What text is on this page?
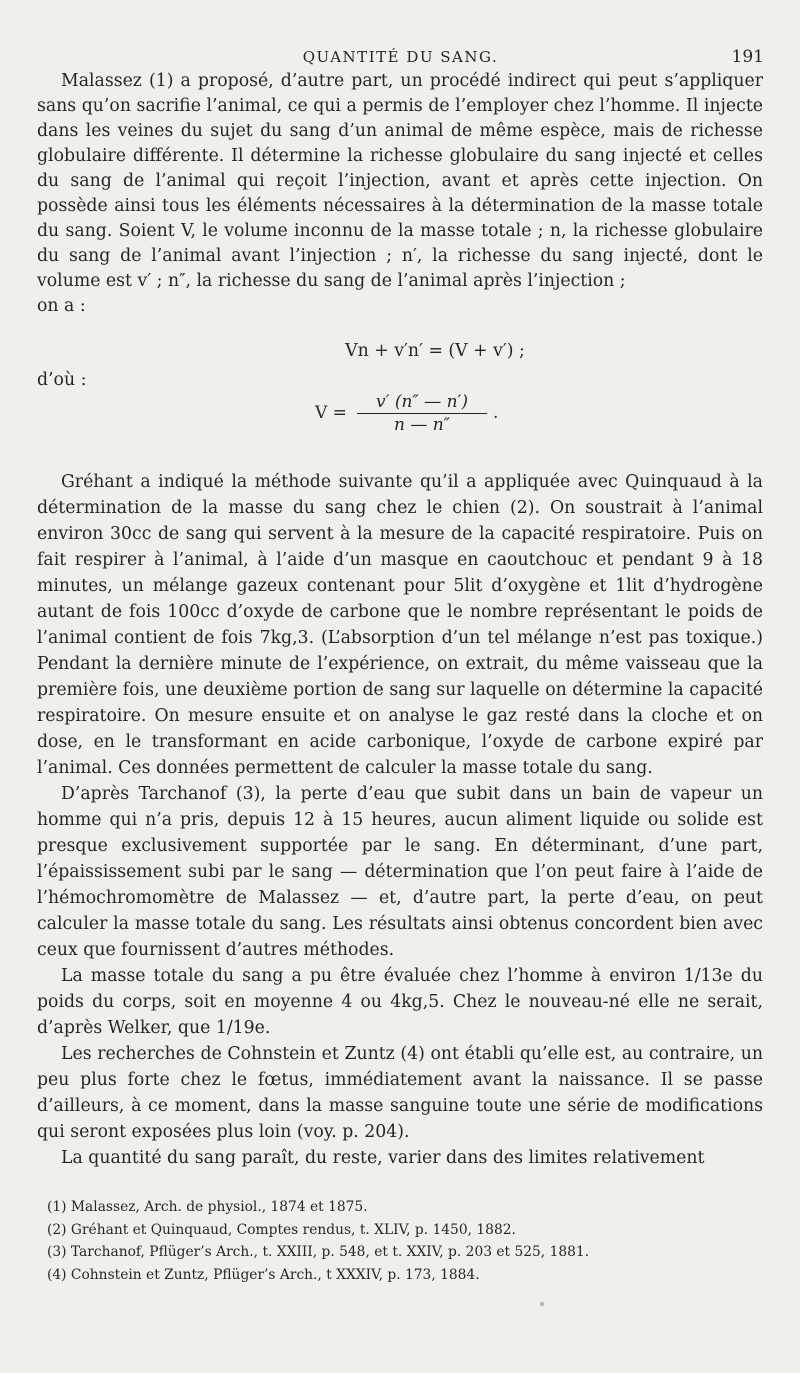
QUANTITÉ DU SANG.	191

Malassez (1) a proposé, d’autre part, un procédé indirect qui peut s’appliquer sans qu’on sacrifie l’animal, ce qui a permis de l’employer chez l’homme. Il injecte dans les veines du sujet du sang d’un animal de même espèce, mais de richesse globulaire différente. Il détermine la richesse globulaire du sang injecté et celles du sang de l’animal qui reçoit l’injection, avant et après cette injection. On possède ainsi tous les éléments nécessaires à la détermination de la masse totale du sang. Soient V, le volume inconnu de la masse totale ; n, la richesse globulaire du sang de l’animal avant l’injection ; n′, la richesse du sang injecté, dont le volume est v′ ; n″, la richesse du sang de l’animal après l’injection ;

on a :

Vn + v′n′ = (V + v′) ;
d’où :
$V = \frac{v' (n'' — n')}{n — n''}$ .

Gréhant a indiqué la méthode suivante qu’il a appliquée avec Quinquaud à la détermination de la masse du sang chez le chien (2). On soustrait à l’animal environ 30cc de sang qui servent à la mesure de la capacité respiratoire. Puis on fait respirer à l’animal, à l’aide d’un masque en caoutchouc et pendant 9 à 18 minutes, un mélange gazeux contenant pour 5lit d’oxygène et 1lit d’hydrogène autant de fois 100cc d’oxyde de carbone que le nombre représentant le poids de l’animal contient de fois 7kg,3. (L’absorption d’un tel mélange n’est pas toxique.) Pendant la dernière minute de l’expérience, on extrait, du même vaisseau que la première fois, une deuxième portion de sang sur laquelle on détermine la capacité respiratoire. On mesure ensuite et on analyse le gaz resté dans la cloche et on dose, en le transformant en acide carbonique, l’oxyde de carbone expiré par l’animal. Ces données permettent de calculer la masse totale du sang.

D’après Tarchanof (3), la perte d’eau que subit dans un bain de vapeur un homme qui n’a pris, depuis 12 à 15 heures, aucun aliment liquide ou solide est presque exclusivement supportée par le sang. En déterminant, d’une part, l’épaississement subi par le sang — détermination que l’on peut faire à l’aide de l’hémochromomètre de Malassez — et, d’autre part, la perte d’eau, on peut calculer la masse totale du sang. Les résultats ainsi obtenus concordent bien avec ceux que fournissent d’autres méthodes.

La masse totale du sang a pu être évaluée chez l’homme à environ 1/13e du poids du corps, soit en moyenne 4 ou 4kg,5. Chez le nouveau-né elle ne serait, d’après Welker, que 1/19e.

Les recherches de Cohnstein et Zuntz (4) ont établi qu’elle est, au contraire, un peu plus forte chez le fœtus, immédiatement avant la naissance. Il se passe d’ailleurs, à ce moment, dans la masse sanguine toute une série de modifications qui seront exposées plus loin (voy. p. 204).

La quantité du sang paraît, du reste, varier dans des limites relativement

(1) Malassez, Arch. de physiol., 1874 et 1875.
(2) Gréhant et Quinquaud, Comptes rendus, t. XLIV, p. 1450, 1882.
(3) Tarchanof, Pflüger’s Arch., t. XXIII, p. 548, et t. XXIV, p. 203 et 525, 1881.
(4) Cohnstein et Zuntz, Pflüger’s Arch., t XXXIV, p. 173, 1884.
